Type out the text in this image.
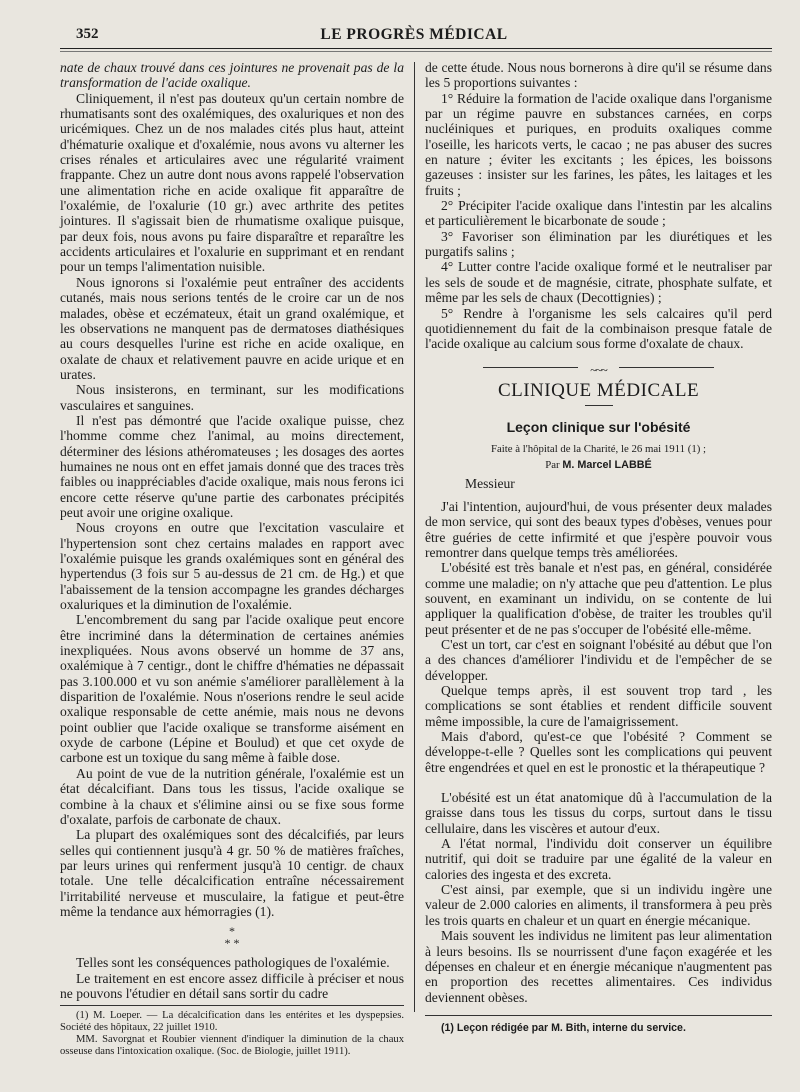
352	LE PROGRÈS MÉDICAL

nate de chaux trouvé dans ces jointures ne provenait pas de la transformation de l'acide oxalique.

Cliniquement, il n'est pas douteux qu'un certain nombre de rhumatisants sont des oxalémiques, des oxaluriques et non des uricémiques. Chez un de nos malades cités plus haut, atteint d'hématurie oxalique et d'oxalémie, nous avons vu alterner les crises rénales et articulaires avec une régularité vraiment frappante. Chez un autre dont nous avons rappelé l'observation une alimentation riche en acide oxalique fit apparaître de l'oxalémie, de l'oxalurie (10 gr.) avec arthrite des petites jointures. Il s'agissait bien de rhumatisme oxalique puisque, par deux fois, nous avons pu faire disparaître et reparaître les accidents articulaires et l'oxalurie en supprimant et en rendant pour un temps l'alimentation nuisible.

Nous ignorons si l'oxalémie peut entraîner des accidents cutanés, mais nous serions tentés de le croire car un de nos malades, obèse et eczémateux, était un grand oxalémique, et les observations ne manquent pas de dermatoses diathésiques au cours desquelles l'urine est riche en acide oxalique, en oxalate de chaux et relativement pauvre en acide urique et en urates.

Nous insisterons, en terminant, sur les modifications vasculaires et sanguines.

Il n'est pas démontré que l'acide oxalique puisse, chez l'homme comme chez l'animal, au moins directement, déterminer des lésions athéromateuses ; les dosages des aortes humaines ne nous ont en effet jamais donné que des traces très faibles ou inappréciables d'acide oxalique, mais nous ferons ici encore cette réserve qu'une partie des carbonates précipités peut avoir une origine oxalique.

Nous croyons en outre que l'excitation vasculaire et l'hypertension sont chez certains malades en rapport avec l'oxalémie puisque les grands oxalémiques sont en général des hypertendus (3 fois sur 5 au-dessus de 21 cm. de Hg.) et que l'abaissement de la tension accompagne les grandes décharges oxaluriques et la diminution de l'oxalémie.

L'encombrement du sang par l'acide oxalique peut encore être incriminé dans la détermination de certaines anémies inexpliquées. Nous avons observé un homme de 37 ans, oxalémique à 7 centigr., dont le chiffre d'hématies ne dépassait pas 3.100.000 et vu son anémie s'améliorer parallèlement à la disparition de l'oxalémie. Nous n'oserions rendre le seul acide oxalique responsable de cette anémie, mais nous ne devons point oublier que l'acide oxalique se transforme aisément en oxyde de carbone (Lépine et Boulud) et que cet oxyde de carbone est un toxique du sang même à faible dose.

Au point de vue de la nutrition générale, l'oxalémie est un état décalcifiant. Dans tous les tissus, l'acide oxalique se combine à la chaux et s'élimine ainsi ou se fixe sous forme d'oxalate, parfois de carbonate de chaux.

La plupart des oxalémiques sont des décalcifiés, par leurs selles qui contiennent jusqu'à 4 gr. 50 % de matières fraîches, par leurs urines qui renferment jusqu'à 10 centigr. de chaux totale. Une telle décalcification entraîne nécessairement l'irritabilité nerveuse et musculaire, la fatigue et peut-être même la tendance aux hémorragies (1).

*
* *

Telles sont les conséquences pathologiques de l'oxalémie.

Le traitement en est encore assez difficile à préciser et nous ne pouvons l'étudier en détail sans sortir du cadre

(1) M. Loeper. — La décalcification dans les entérites et les dyspepsies. Société des hôpitaux, 22 juillet 1910.

MM. Savorgnat et Roubier viennent d'indiquer la diminution de la chaux osseuse dans l'intoxication oxalique. (Soc. de Biologie, juillet 1911).

de cette étude. Nous nous bornerons à dire qu'il se résume dans les 5 proportions suivantes :

1° Réduire la formation de l'acide oxalique dans l'organisme par un régime pauvre en substances carnées, en corps nucléiniques et puriques, en produits oxaliques comme l'oseille, les haricots verts, le cacao ; ne pas abuser des sucres en nature ; éviter les excitants ; les épices, les boissons gazeuses : insister sur les farines, les pâtes, les laitages et les fruits ;

2° Précipiter l'acide oxalique dans l'intestin par les alcalins et particulièrement le bicarbonate de soude ;

3° Favoriser son élimination par les diurétiques et les purgatifs salins ;

4° Lutter contre l'acide oxalique formé et le neutraliser par les sels de soude et de magnésie, citrate, phosphate sulfate, et même par les sels de chaux (Decottignies) ;

5° Rendre à l'organisme les sels calcaires qu'il perd quotidiennement du fait de la combinaison presque fatale de l'acide oxalique au calcium sous forme d'oxalate de chaux.

~~~
CLINIQUE MÉDICALE
Leçon clinique sur l'obésité
Faite à l'hôpital de la Charité, le 26 mai 1911 (1) ;
Par M. Marcel LABBÉ

Messieur

J'ai l'intention, aujourd'hui, de vous présenter deux malades de mon service, qui sont des beaux types d'obèses, venues pour être guéries de cette infirmité et que j'espère pouvoir vous remontrer dans quelque temps très améliorées.

L'obésité est très banale et n'est pas, en général, considérée comme une maladie; on n'y attache que peu d'attention. Le plus souvent, en examinant un individu, on se contente de lui appliquer la qualification d'obèse, de traiter les troubles qu'il peut présenter et de ne pas s'occuper de l'obésité elle-même.

C'est un tort, car c'est en soignant l'obésité au début que l'on a des chances d'améliorer l'individu et de l'empêcher de se développer.

Quelque temps après, il est souvent trop tard , les complications se sont établies et rendent difficile souvent même impossible, la cure de l'amaigrissement.

Mais d'abord, qu'est-ce que l'obésité ? Comment se développe-t-elle ? Quelles sont les complications qui peuvent être engendrées et quel en est le pronostic et la thérapeutique ?

L'obésité est un état anatomique dû à l'accumulation de la graisse dans tous les tissus du corps, surtout dans le tissu cellulaire, dans les viscères et autour d'eux.

A l'état normal, l'individu doit conserver un équilibre nutritif, qui doit se traduire par une égalité de la valeur en calories des ingesta et des excreta.

C'est ainsi, par exemple, que si un individu ingère une valeur de 2.000 calories en aliments, il transformera à peu près les trois quarts en chaleur et un quart en énergie mécanique.

Mais souvent les individus ne limitent pas leur alimentation à leurs besoins. Ils se nourrissent d'une façon exagérée et les dépenses en chaleur et en énergie mécanique n'augmentent pas en proportion des recettes alimentaires. Ces individus deviennent obèses.

(1) Leçon rédigée par M. Bith, interne du service.
